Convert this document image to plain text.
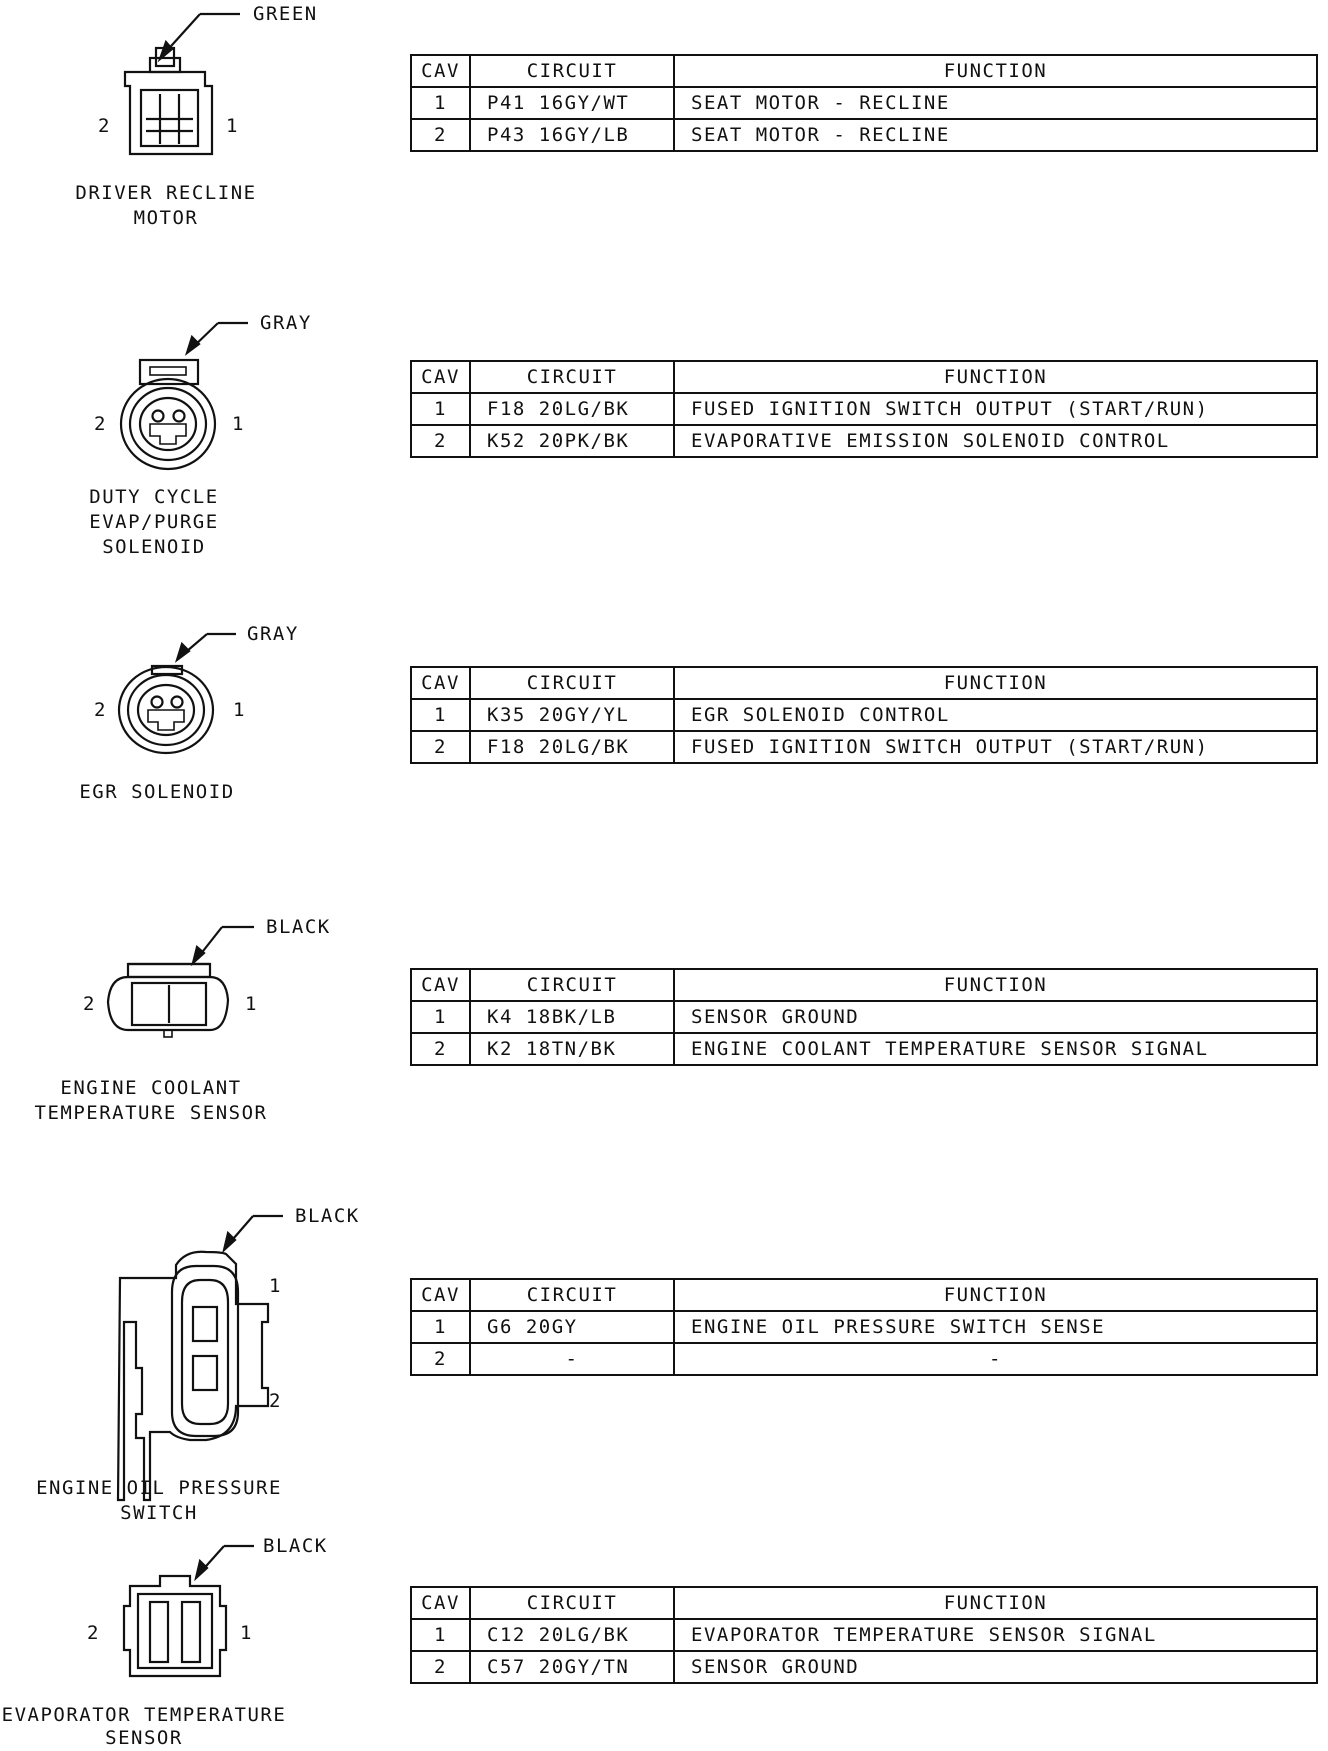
GREEN
2	1
DRIVER RECLINE
MOTOR
CAV	CIRCUIT	FUNCTION
1	P41 16GY/WT	SEAT MOTOR - RECLINE
2	P43 16GY/LB	SEAT MOTOR - RECLINE
GRAY
2	1
DUTY CYCLE
EVAP/PURGE
SOLENOID
CAV	CIRCUIT	FUNCTION
1	F18 20LG/BK	FUSED IGNITION SWITCH OUTPUT (START/RUN)
2	K52 20PK/BK	EVAPORATIVE EMISSION SOLENOID CONTROL
GRAY
2	1
EGR SOLENOID
CAV	CIRCUIT	FUNCTION
1	K35 20GY/YL	EGR SOLENOID CONTROL
2	F18 20LG/BK	FUSED IGNITION SWITCH OUTPUT (START/RUN)
BLACK
2	1
ENGINE COOLANT
TEMPERATURE SENSOR
CAV	CIRCUIT	FUNCTION
1	K4 18BK/LB	SENSOR GROUND
2	K2 18TN/BK	ENGINE COOLANT TEMPERATURE SENSOR SIGNAL
BLACK
1
2
ENGINE OIL PRESSURE
SWITCH
CAV	CIRCUIT	FUNCTION
1	G6 20GY	ENGINE OIL PRESSURE SWITCH SENSE
2	-	-
BLACK
2	1
EVAPORATOR TEMPERATURE
SENSOR
CAV	CIRCUIT	FUNCTION
1	C12 20LG/BK	EVAPORATOR TEMPERATURE SENSOR SIGNAL
2	C57 20GY/TN	SENSOR GROUND
